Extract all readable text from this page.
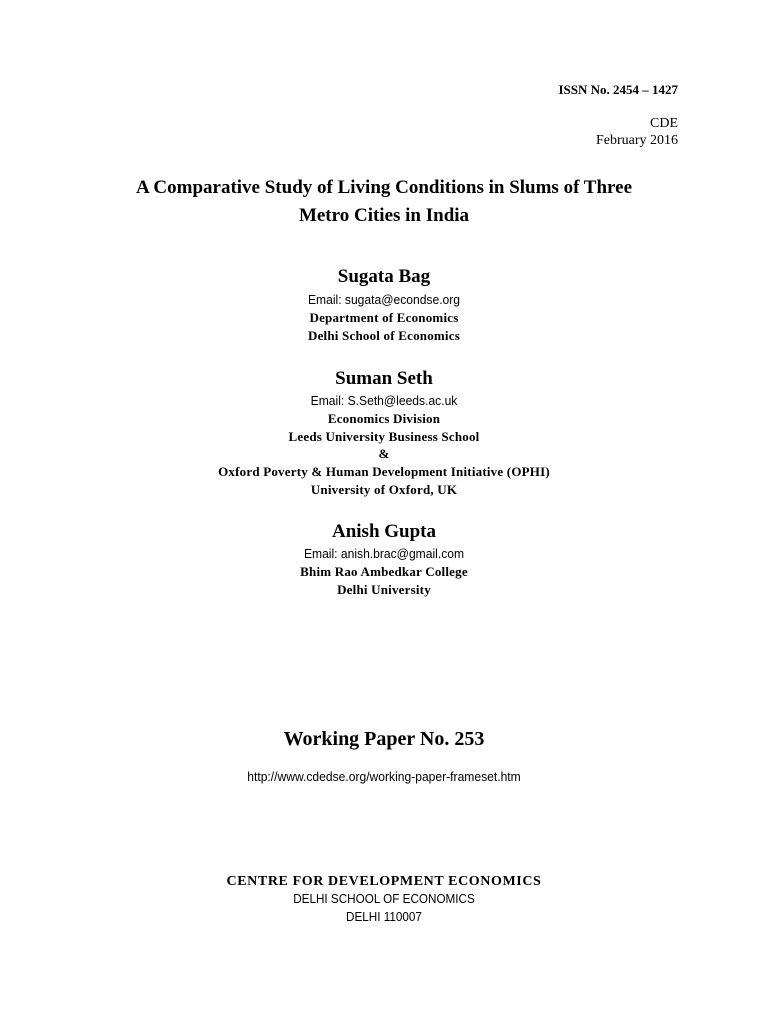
ISSN No. 2454 – 1427
CDE
February 2016
A Comparative Study of Living Conditions in Slums of Three
Metro Cities in India
Sugata Bag
Email: sugata@econdse.org
Department of Economics
Delhi School of Economics
Suman Seth
Email: S.Seth@leeds.ac.uk
Economics Division
Leeds University Business School
&
Oxford Poverty & Human Development Initiative (OPHI)
University of Oxford, UK
Anish Gupta
Email: anish.brac@gmail.com
Bhim Rao Ambedkar College
Delhi University
Working Paper No. 253
http://www.cdedse.org/working-paper-frameset.htm
CENTRE FOR DEVELOPMENT ECONOMICS
DELHI SCHOOL OF ECONOMICS
DELHI 110007
